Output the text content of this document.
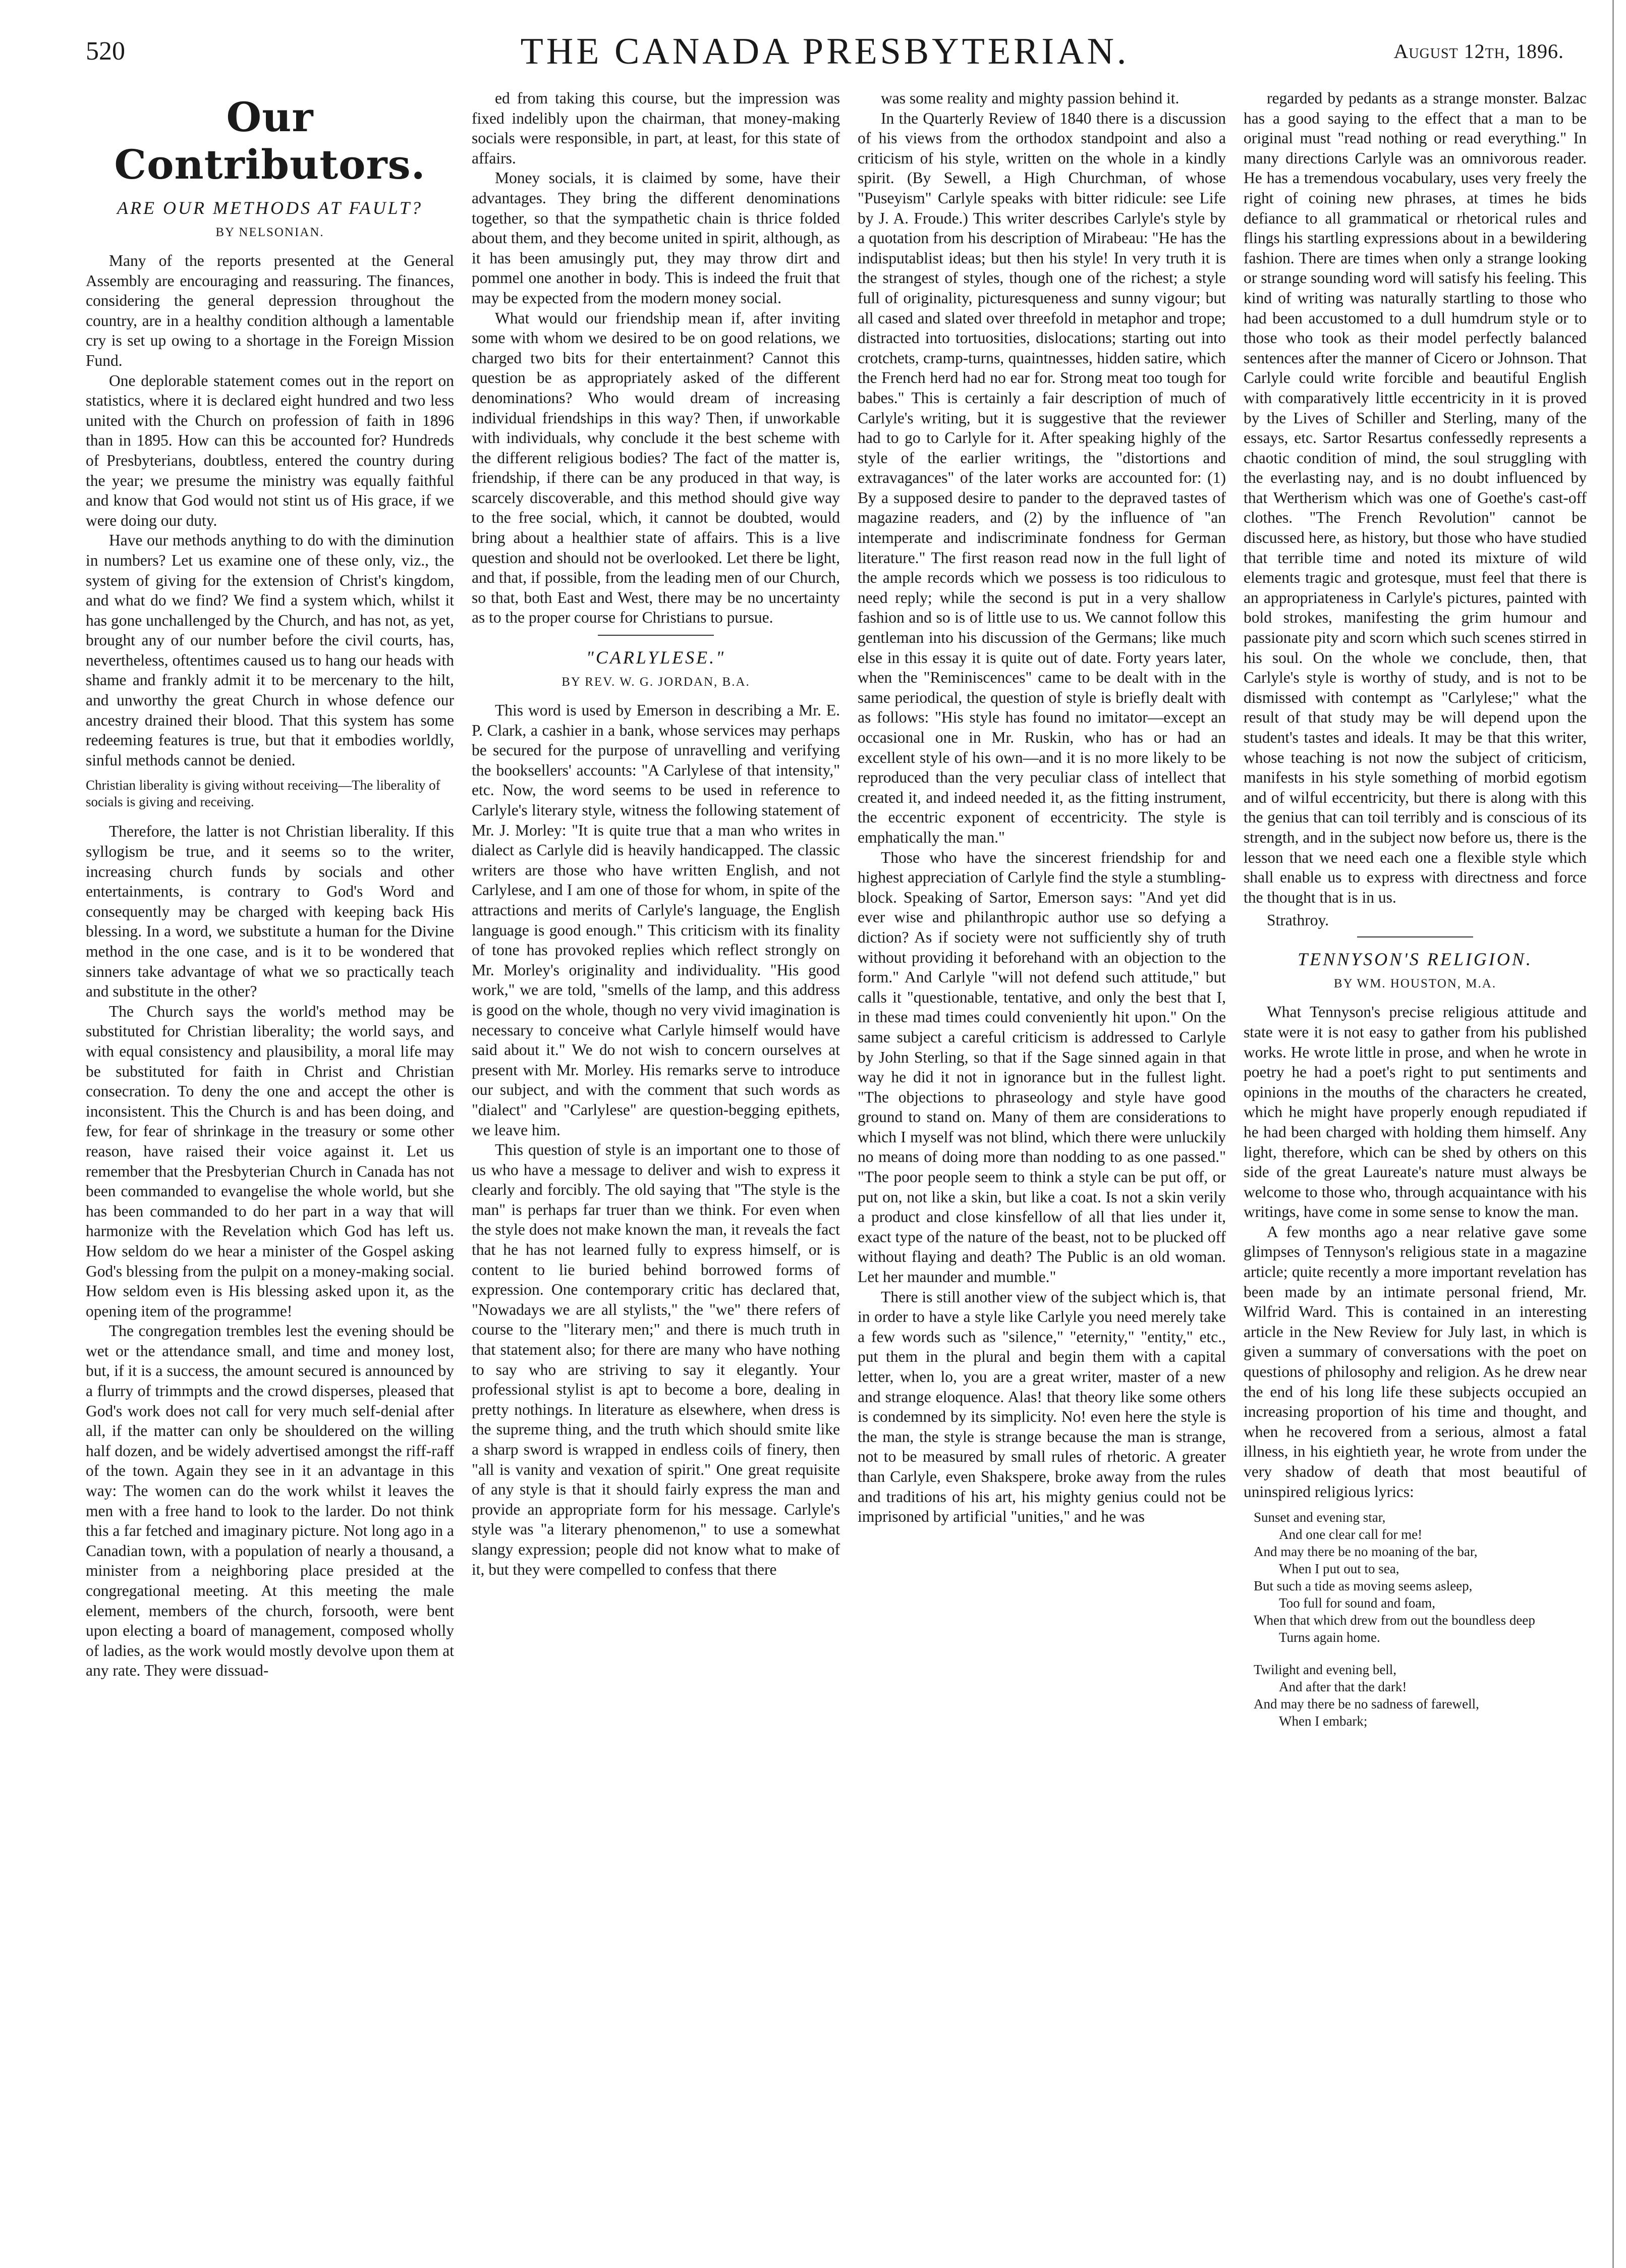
520	THE CANADA PRESBYTERIAN.	August 12th, 1896.
Our Contributors.
ARE OUR METHODS AT FAULT?
BY NELSONIAN.

Many of the reports presented at the General Assembly are encouraging and reassuring. The finances, considering the general depression throughout the country, are in a healthy condition although a lamentable cry is set up owing to a shortage in the Foreign Mission Fund.

One deplorable statement comes out in the report on statistics, where it is declared eight hundred and two less united with the Church on profession of faith in 1896 than in 1895. How can this be accounted for? Hundreds of Presbyterians, doubtless, entered the country during the year; we presume the ministry was equally faithful and know that God would not stint us of His grace, if we were doing our duty.

Have our methods anything to do with the diminution in numbers? Let us examine one of these only, viz., the system of giving for the extension of Christ's kingdom, and what do we find? We find a system which, whilst it has gone unchallenged by the Church, and has not, as yet, brought any of our number before the civil courts, has, nevertheless, oftentimes caused us to hang our heads with shame and frankly admit it to be mercenary to the hilt, and unworthy the great Church in whose defence our ancestry drained their blood. That this system has some redeeming features is true, but that it embodies worldly, sinful methods cannot be denied.

Christian liberality is giving without receiving—The liberality of socials is giving and receiving.

Therefore, the latter is not Christian liberality. If this syllogism be true, and it seems so to the writer, increasing church funds by socials and other entertainments, is contrary to God's Word and consequently may be charged with keeping back His blessing. In a word, we substitute a human for the Divine method in the one case, and is it to be wondered that sinners take advantage of what we so practically teach and substitute in the other?

The Church says the world's method may be substituted for Christian liberality; the world says, and with equal consistency and plausibility, a moral life may be substituted for faith in Christ and Christian consecration. To deny the one and accept the other is inconsistent. This the Church is and has been doing, and few, for fear of shrinkage in the treasury or some other reason, have raised their voice against it. Let us remember that the Presbyterian Church in Canada has not been commanded to evangelise the whole world, but she has been commanded to do her part in a way that will harmonize with the Revelation which God has left us. How seldom do we hear a minister of the Gospel asking God's blessing from the pulpit on a money-making social. How seldom even is His blessing asked upon it, as the opening item of the programme!

The congregation trembles lest the evening should be wet or the attendance small, and time and money lost, but, if it is a success, the amount secured is announced by a flurry of trimmpts and the crowd disperses, pleased that God's work does not call for very much self-denial after all, if the matter can only be shouldered on the willing half dozen, and be widely advertised amongst the riff-raff of the town. Again they see in it an advantage in this way: The women can do the work whilst it leaves the men with a free hand to look to the larder. Do not think this a far fetched and imaginary picture. Not long ago in a Canadian town, with a population of nearly a thousand, a minister from a neighboring place presided at the congregational meeting. At this meeting the male element, members of the church, forsooth, were bent upon electing a board of management, composed wholly of ladies, as the work would mostly devolve upon them at any rate. They were dissuad-

ed from taking this course, but the impression was fixed indelibly upon the chairman, that money-making socials were responsible, in part, at least, for this state of affairs.

Money socials, it is claimed by some, have their advantages. They bring the different denominations together, so that the sympathetic chain is thrice folded about them, and they become united in spirit, although, as it has been amusingly put, they may throw dirt and pommel one another in body. This is indeed the fruit that may be expected from the modern money social.

What would our friendship mean if, after inviting some with whom we desired to be on good relations, we charged two bits for their entertainment? Cannot this question be as appropriately asked of the different denominations? Who would dream of increasing individual friendships in this way? Then, if unworkable with individuals, why conclude it the best scheme with the different religious bodies? The fact of the matter is, friendship, if there can be any produced in that way, is scarcely discoverable, and this method should give way to the free social, which, it cannot be doubted, would bring about a healthier state of affairs. This is a live question and should not be overlooked. Let there be light, and that, if possible, from the leading men of our Church, so that, both East and West, there may be no uncertainty as to the proper course for Christians to pursue.

"CARLYLESE."
BY REV. W. G. JORDAN, B.A.

This word is used by Emerson in describing a Mr. E. P. Clark, a cashier in a bank, whose services may perhaps be secured for the purpose of unravelling and verifying the booksellers' accounts: "A Carlylese of that intensity," etc. Now, the word seems to be used in reference to Carlyle's literary style, witness the following statement of Mr. J. Morley: "It is quite true that a man who writes in dialect as Carlyle did is heavily handicapped. The classic writers are those who have written English, and not Carlylese, and I am one of those for whom, in spite of the attractions and merits of Carlyle's language, the English language is good enough." This criticism with its finality of tone has provoked replies which reflect strongly on Mr. Morley's originality and individuality. "His good work," we are told, "smells of the lamp, and this address is good on the whole, though no very vivid imagination is necessary to conceive what Carlyle himself would have said about it." We do not wish to concern ourselves at present with Mr. Morley. His remarks serve to introduce our subject, and with the comment that such words as "dialect" and "Carlylese" are question-begging epithets, we leave him.

This question of style is an important one to those of us who have a message to deliver and wish to express it clearly and forcibly. The old saying that "The style is the man" is perhaps far truer than we think. For even when the style does not make known the man, it reveals the fact that he has not learned fully to express himself, or is content to lie buried behind borrowed forms of expression. One contemporary critic has declared that, "Nowadays we are all stylists," the "we" there refers of course to the "literary men;" and there is much truth in that statement also; for there are many who have nothing to say who are striving to say it elegantly. Your professional stylist is apt to become a bore, dealing in pretty nothings. In literature as elsewhere, when dress is the supreme thing, and the truth which should smite like a sharp sword is wrapped in endless coils of finery, then "all is vanity and vexation of spirit." One great requisite of any style is that it should fairly express the man and provide an appropriate form for his message. Carlyle's style was "a literary phenomenon," to use a somewhat slangy expression; people did not know what to make of it, but they were compelled to confess that there

was some reality and mighty passion behind it.

In the Quarterly Review of 1840 there is a discussion of his views from the orthodox standpoint and also a criticism of his style, written on the whole in a kindly spirit. (By Sewell, a High Churchman, of whose "Puseyism" Carlyle speaks with bitter ridicule: see Life by J. A. Froude.) This writer describes Carlyle's style by a quotation from his description of Mirabeau: "He has the indisputablist ideas; but then his style! In very truth it is the strangest of styles, though one of the richest; a style full of originality, picturesqueness and sunny vigour; but all cased and slated over threefold in metaphor and trope; distracted into tortuosities, dislocations; starting out into crotchets, cramp-turns, quaintnesses, hidden satire, which the French herd had no ear for. Strong meat too tough for babes." This is certainly a fair description of much of Carlyle's writing, but it is suggestive that the reviewer had to go to Carlyle for it. After speaking highly of the style of the earlier writings, the "distortions and extravagances" of the later works are accounted for: (1) By a supposed desire to pander to the depraved tastes of magazine readers, and (2) by the influence of "an intemperate and indiscriminate fondness for German literature." The first reason read now in the full light of the ample records which we possess is too ridiculous to need reply; while the second is put in a very shallow fashion and so is of little use to us. We cannot follow this gentleman into his discussion of the Germans; like much else in this essay it is quite out of date. Forty years later, when the "Reminiscences" came to be dealt with in the same periodical, the question of style is briefly dealt with as follows: "His style has found no imitator—except an occasional one in Mr. Ruskin, who has or had an excellent style of his own—and it is no more likely to be reproduced than the very peculiar class of intellect that created it, and indeed needed it, as the fitting instrument, the eccentric exponent of eccentricity. The style is emphatically the man."

Those who have the sincerest friendship for and highest appreciation of Carlyle find the style a stumbling-block. Speaking of Sartor, Emerson says: "And yet did ever wise and philanthropic author use so defying a diction? As if society were not sufficiently shy of truth without providing it beforehand with an objection to the form." And Carlyle "will not defend such attitude," but calls it "questionable, tentative, and only the best that I, in these mad times could conveniently hit upon." On the same subject a careful criticism is addressed to Carlyle by John Sterling, so that if the Sage sinned again in that way he did it not in ignorance but in the fullest light. "The objections to phraseology and style have good ground to stand on. Many of them are considerations to which I myself was not blind, which there were unluckily no means of doing more than nodding to as one passed." "The poor people seem to think a style can be put off, or put on, not like a skin, but like a coat. Is not a skin verily a product and close kinsfellow of all that lies under it, exact type of the nature of the beast, not to be plucked off without flaying and death? The Public is an old woman. Let her maunder and mumble."

There is still another view of the subject which is, that in order to have a style like Carlyle you need merely take a few words such as "silence," "eternity," "entity," etc., put them in the plural and begin them with a capital letter, when lo, you are a great writer, master of a new and strange eloquence. Alas! that theory like some others is condemned by its simplicity. No! even here the style is the man, the style is strange because the man is strange, not to be measured by small rules of rhetoric. A greater than Carlyle, even Shakspere, broke away from the rules and traditions of his art, his mighty genius could not be imprisoned by artificial "unities," and he was

regarded by pedants as a strange monster. Balzac has a good saying to the effect that a man to be original must "read nothing or read everything." In many directions Carlyle was an omnivorous reader. He has a tremendous vocabulary, uses very freely the right of coining new phrases, at times he bids defiance to all grammatical or rhetorical rules and flings his startling expressions about in a bewildering fashion. There are times when only a strange looking or strange sounding word will satisfy his feeling. This kind of writing was naturally startling to those who had been accustomed to a dull humdrum style or to those who took as their model perfectly balanced sentences after the manner of Cicero or Johnson. That Carlyle could write forcible and beautiful English with comparatively little eccentricity in it is proved by the Lives of Schiller and Sterling, many of the essays, etc. Sartor Resartus confessedly represents a chaotic condition of mind, the soul struggling with the everlasting nay, and is no doubt influenced by that Wertherism which was one of Goethe's cast-off clothes. "The French Revolution" cannot be discussed here, as history, but those who have studied that terrible time and noted its mixture of wild elements tragic and grotesque, must feel that there is an appropriateness in Carlyle's pictures, painted with bold strokes, manifesting the grim humour and passionate pity and scorn which such scenes stirred in his soul. On the whole we conclude, then, that Carlyle's style is worthy of study, and is not to be dismissed with contempt as "Carlylese;" what the result of that study may be will depend upon the student's tastes and ideals. It may be that this writer, whose teaching is not now the subject of criticism, manifests in his style something of morbid egotism and of wilful eccentricity, but there is along with this the genius that can toil terribly and is conscious of its strength, and in the subject now before us, there is the lesson that we need each one a flexible style which shall enable us to express with directness and force the thought that is in us.

Strathroy.
TENNYSON'S RELIGION.
BY WM. HOUSTON, M.A.

What Tennyson's precise religious attitude and state were it is not easy to gather from his published works. He wrote little in prose, and when he wrote in poetry he had a poet's right to put sentiments and opinions in the mouths of the characters he created, which he might have properly enough repudiated if he had been charged with holding them himself. Any light, therefore, which can be shed by others on this side of the great Laureate's nature must always be welcome to those who, through acquaintance with his writings, have come in some sense to know the man.

A few months ago a near relative gave some glimpses of Tennyson's religious state in a magazine article; quite recently a more important revelation has been made by an intimate personal friend, Mr. Wilfrid Ward. This is contained in an interesting article in the New Review for July last, in which is given a summary of conversations with the poet on questions of philosophy and religion. As he drew near the end of his long life these subjects occupied an increasing proportion of his time and thought, and when he recovered from a serious, almost a fatal illness, in his eightieth year, he wrote from under the very shadow of death that most beautiful of uninspired religious lyrics:

Sunset and evening star,
And one clear call for me!
And may there be no moaning of the bar,
When I put out to sea,
But such a tide as moving seems asleep,
Too full for sound and foam,
When that which drew from out the boundless deep
Turns again home.
Twilight and evening bell,
And after that the dark!
And may there be no sadness of farewell,
When I embark;
